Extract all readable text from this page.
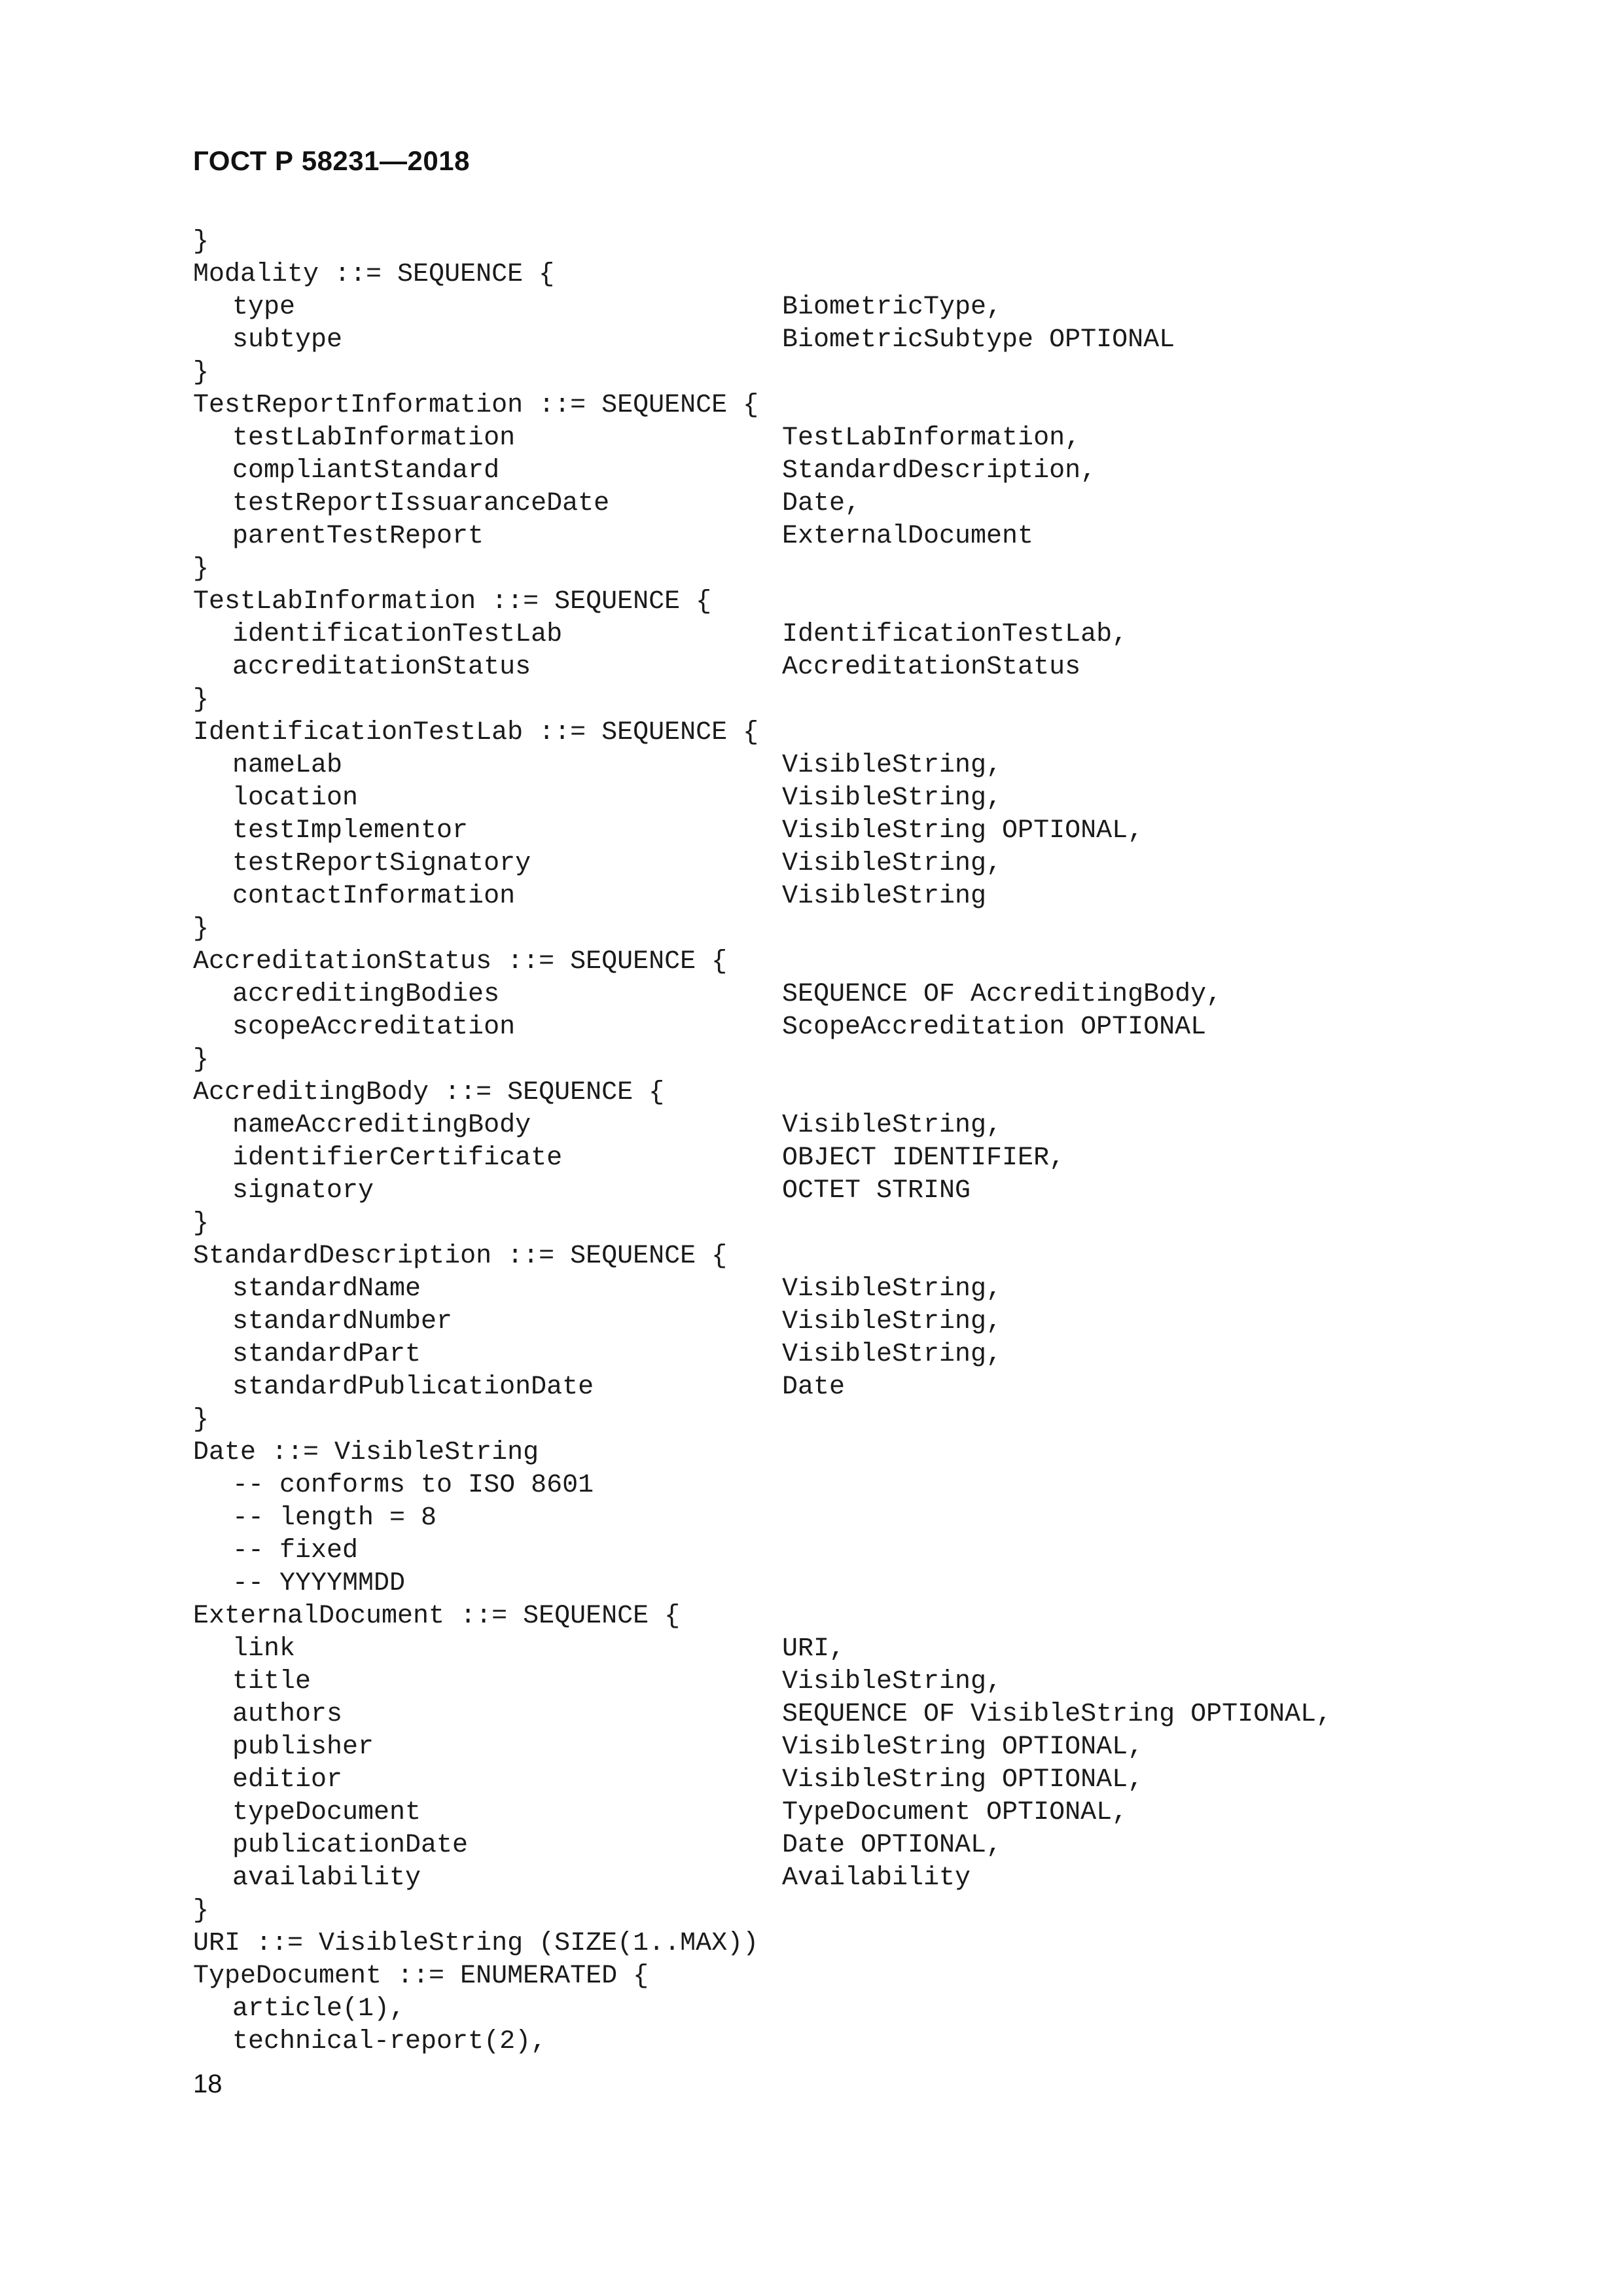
ГОСТ Р 58231—2018
}
Modality ::= SEQUENCE {
type	BiometricType,
subtype	BiometricSubtype OPTIONAL
}
TestReportInformation ::= SEQUENCE {
testLabInformation	TestLabInformation,
compliantStandard	StandardDescription,
testReportIssuaranceDate	Date,
parentTestReport	ExternalDocument
}
TestLabInformation ::= SEQUENCE {
identificationTestLab	IdentificationTestLab,
accreditationStatus	AccreditationStatus
}
IdentificationTestLab ::= SEQUENCE {
nameLab	VisibleString,
location	VisibleString,
testImplementor	VisibleString OPTIONAL,
testReportSignatory	VisibleString,
contactInformation	VisibleString
}
AccreditationStatus ::= SEQUENCE {
accreditingBodies	SEQUENCE OF AccreditingBody,
scopeAccreditation	ScopeAccreditation OPTIONAL
}
AccreditingBody ::= SEQUENCE {
nameAccreditingBody	VisibleString,
identifierCertificate	OBJECT IDENTIFIER,
signatory	OCTET STRING
}
StandardDescription ::= SEQUENCE {
standardName	VisibleString,
standardNumber	VisibleString,
standardPart	VisibleString,
standardPublicationDate	Date
}
Date ::= VisibleString
-- conforms to ISO 8601
-- length = 8
-- fixed
-- YYYYMMDD
ExternalDocument ::= SEQUENCE {
link	URI,
title	VisibleString,
authors	SEQUENCE OF VisibleString OPTIONAL,
publisher	VisibleString OPTIONAL,
editior	VisibleString OPTIONAL,
typeDocument	TypeDocument OPTIONAL,
publicationDate	Date OPTIONAL,
availability	Availability
}
URI ::= VisibleString (SIZE(1..MAX))
TypeDocument ::= ENUMERATED {
article(1),
technical-report(2),
18
